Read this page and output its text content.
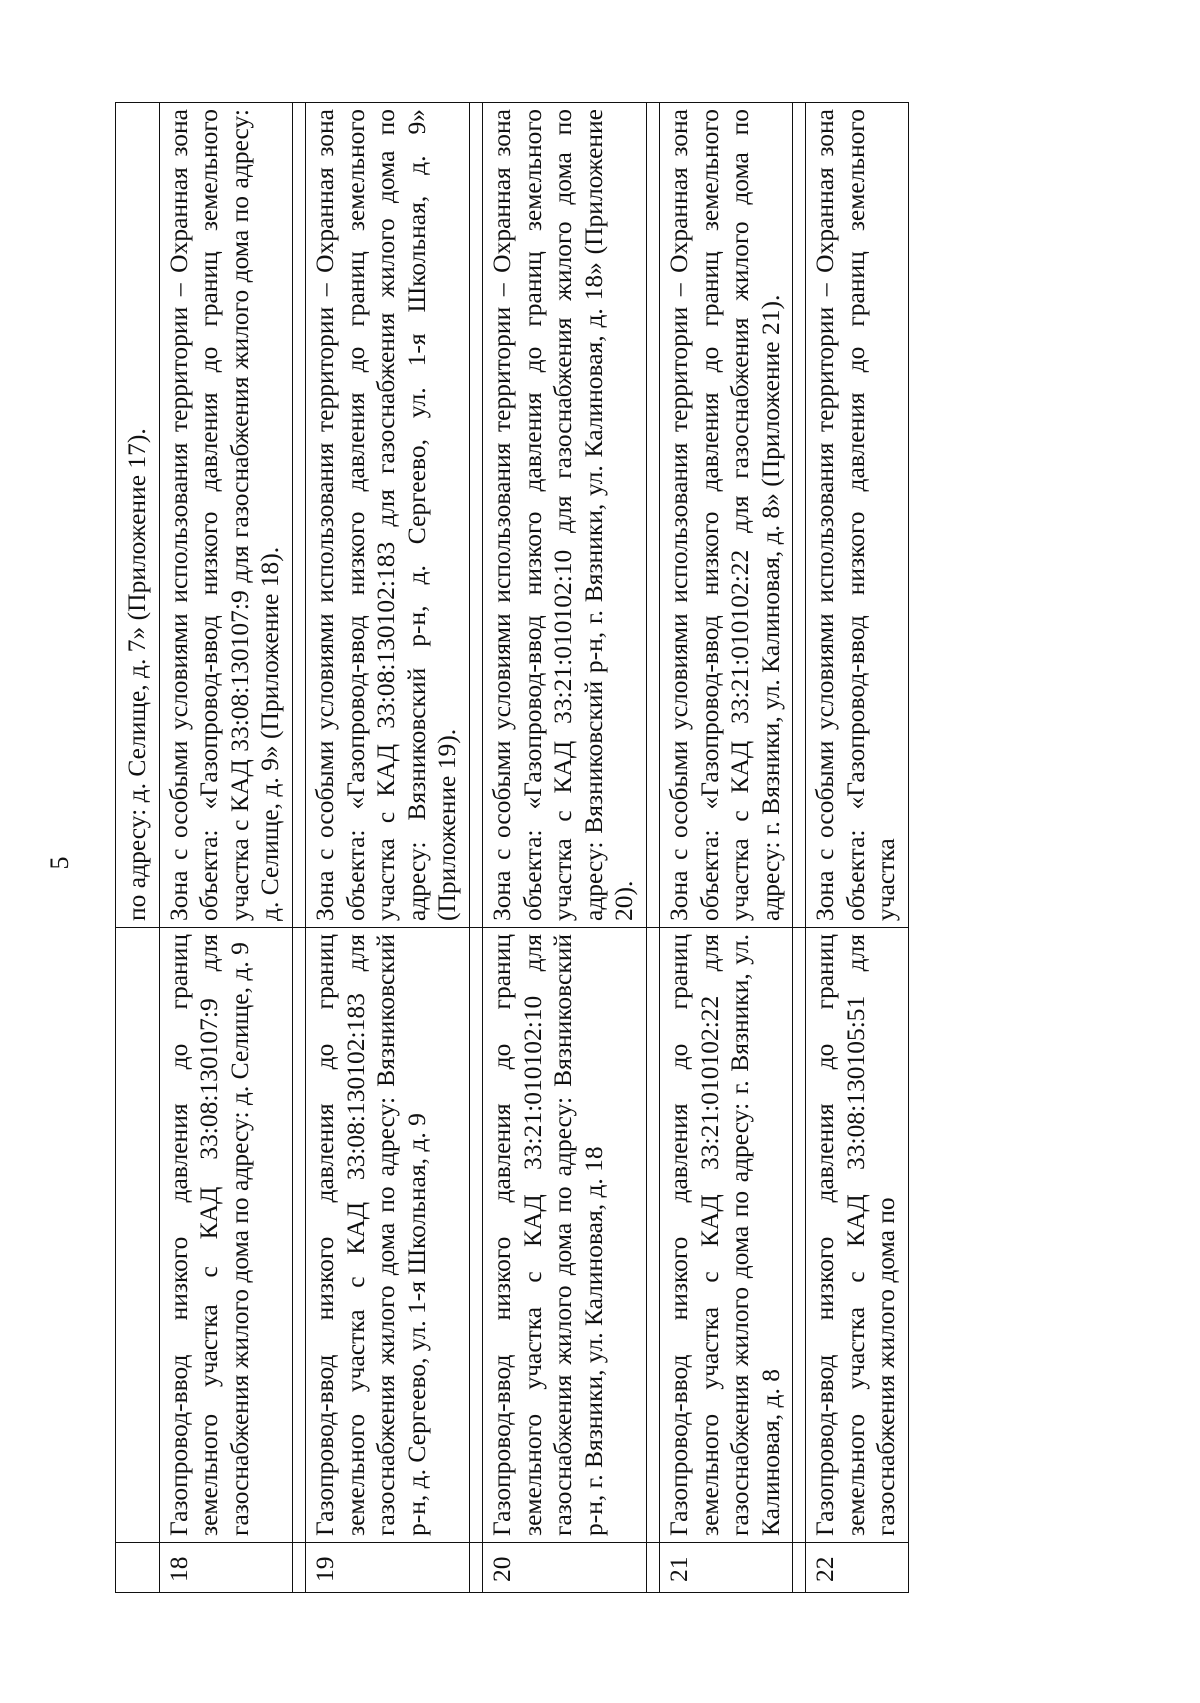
5
		по адресу: д. Селище, д. 7» (Приложение 17).
18	Газопровод-ввод низкого давления до границ земельного участка с КАД 33:08:130107:9 для газоснабжения жилого дома по адресу: д. Селище, д. 9	Зона с особыми условиями использования территории – Охранная зона объекта: «Газопровод-ввод низкого давления до границ земельного участка с КАД 33:08:130107:9 для газоснабжения жилого дома по адресу: д. Селище, д. 9» (Приложение 18).

19	Газопровод-ввод низкого давления до границ земельного участка с КАД 33:08:130102:183 для газоснабжения жилого дома по адресу: Вязниковский р-н, д. Сергеево, ул. 1-я Школьная, д. 9	Зона с особыми условиями использования территории – Охранная зона объекта: «Газопровод-ввод низкого давления до границ земельного участка с КАД 33:08:130102:183 для газоснабжения жилого дома по адресу: Вязниковский р-н, д. Сергеево, ул. 1-я Школьная, д. 9» (Приложение 19).

20	Газопровод-ввод низкого давления до границ земельного участка с КАД 33:21:010102:10 для газоснабжения жилого дома по адресу: Вязниковский р-н, г. Вязники, ул. Калиновая, д. 18	Зона с особыми условиями использования территории – Охранная зона объекта: «Газопровод-ввод низкого давления до границ земельного участка с КАД 33:21:010102:10 для газоснабжения жилого дома по адресу: Вязниковский р-н, г. Вязники, ул. Калиновая, д. 18» (Приложение 20).

21	Газопровод-ввод низкого давления до границ земельного участка с КАД 33:21:010102:22 для газоснабжения жилого дома по адресу: г. Вязники, ул. Калиновая, д. 8	Зона с особыми условиями использования территории – Охранная зона объекта: «Газопровод-ввод низкого давления до границ земельного участка с КАД 33:21:010102:22 для газоснабжения жилого дома по адресу: г. Вязники, ул. Калиновая, д. 8» (Приложение 21).

22	Газопровод-ввод низкого давления до границ земельного участка с КАД 33:08:130105:51 для газоснабжения жилого дома по	Зона с особыми условиями использования территории – Охранная зона объекта: «Газопровод-ввод низкого давления до границ земельного участка
